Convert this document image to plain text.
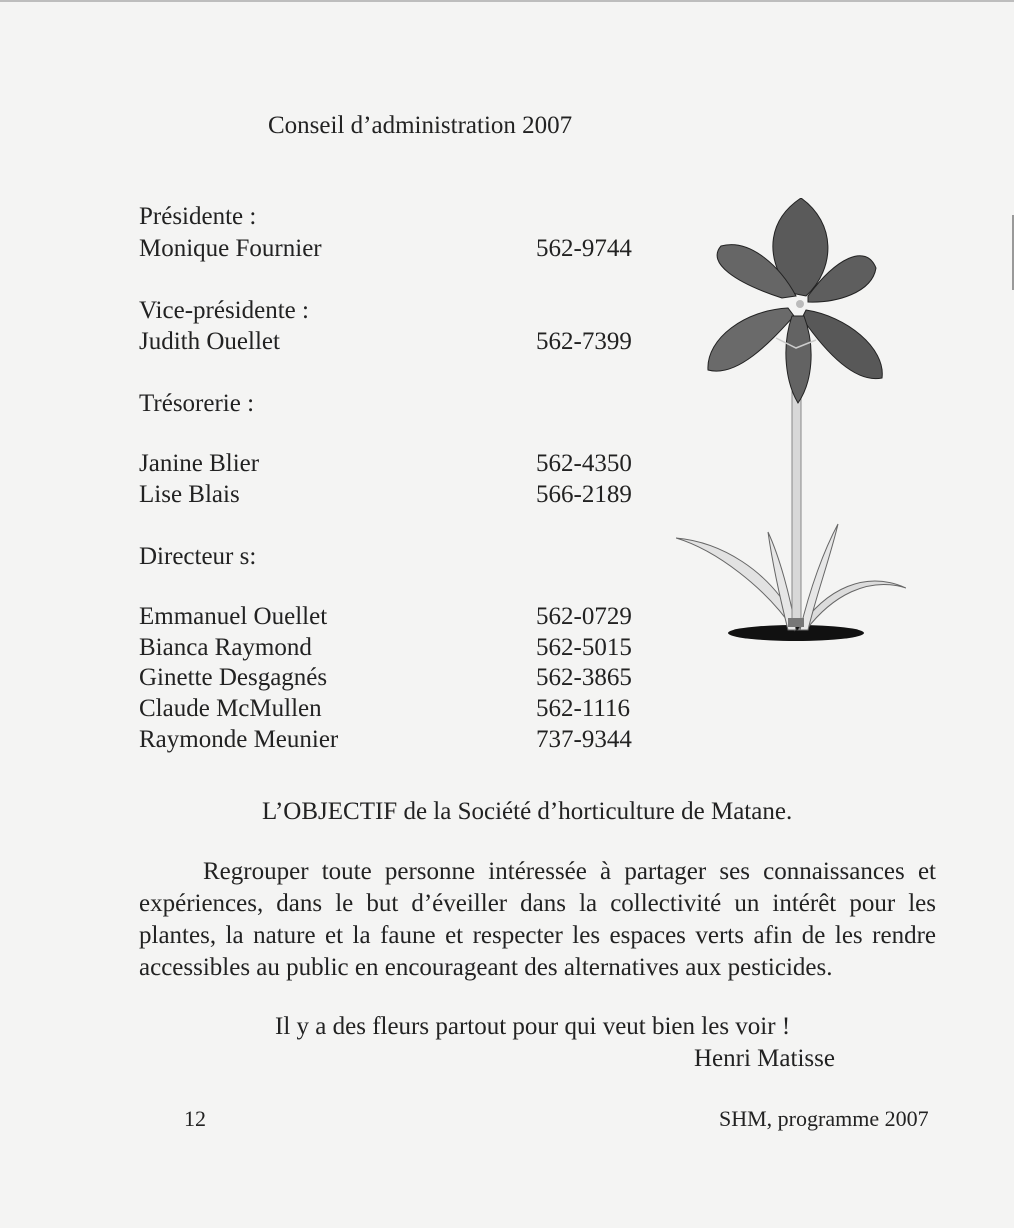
Conseil d’administration 2007
Présidente :
Monique Fournier	562-9744
Vice-présidente :
Judith Ouellet	562-7399
Trésorerie :
Janine Blier	562-4350
Lise Blais	566-2189
Directeur s:
Emmanuel Ouellet	562-0729
Bianca Raymond	562-5015
Ginette Desgagnés	562-3865
Claude McMullen	562-1116
Raymonde Meunier	737-9344
L’OBJECTIF de la Société d’horticulture de Matane.

Regrouper toute personne intéressée à partager ses connaissances et expériences, dans le but d’éveiller dans la collectivité un intérêt pour les plantes, la nature et la faune et respecter les espaces verts afin de les rendre accessibles au public en encourageant des alternatives aux pesticides.

Il y a des fleurs partout pour qui veut bien les voir !
Henri Matisse
12	SHM, programme 2007
